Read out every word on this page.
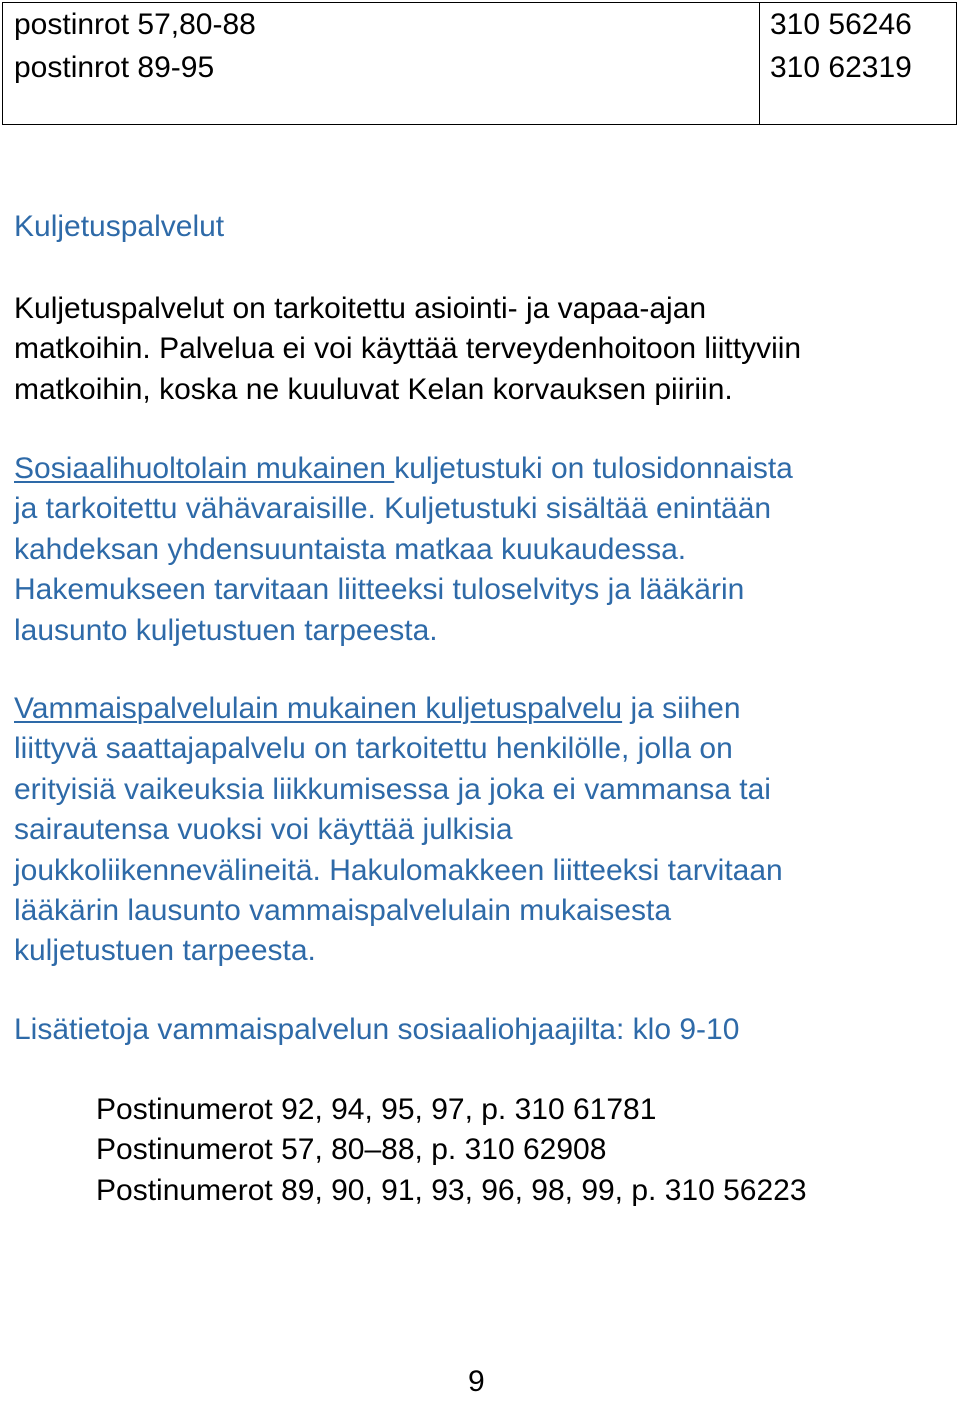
postinrot 57,80-88	310 56246
postinrot 89-95	310 62319
Kuljetuspalvelut

Kuljetuspalvelut on tarkoitettu asiointi- ja vapaa-ajan
matkoihin. Palvelua ei voi käyttää terveydenhoitoon liittyviin
matkoihin, koska ne kuuluvat Kelan korvauksen piiriin.

Sosiaalihuoltolain mukainen kuljetustuki on tulosidonnaista
ja tarkoitettu vähävaraisille. Kuljetustuki sisältää enintään
kahdeksan yhdensuuntaista matkaa kuukaudessa.
Hakemukseen tarvitaan liitteeksi tuloselvitys ja lääkärin
lausunto kuljetustuen tarpeesta.

Vammaispalvelulain mukainen kuljetuspalvelu ja siihen
liittyvä saattajapalvelu on tarkoitettu henkilölle, jolla on
erityisiä vaikeuksia liikkumisessa ja joka ei vammansa tai
sairautensa vuoksi voi käyttää julkisia
joukkoliikennevälineitä. Hakulomakkeen liitteeksi tarvitaan
lääkärin lausunto vammaispalvelulain mukaisesta
kuljetustuen tarpeesta.

Lisätietoja vammaispalvelun sosiaaliohjaajilta: klo 9-10

Postinumerot 92, 94, 95, 97, p. 310 61781
Postinumerot 57, 80–88, p. 310 62908
Postinumerot 89, 90, 91, 93, 96, 98, 99, p. 310 56223
9
